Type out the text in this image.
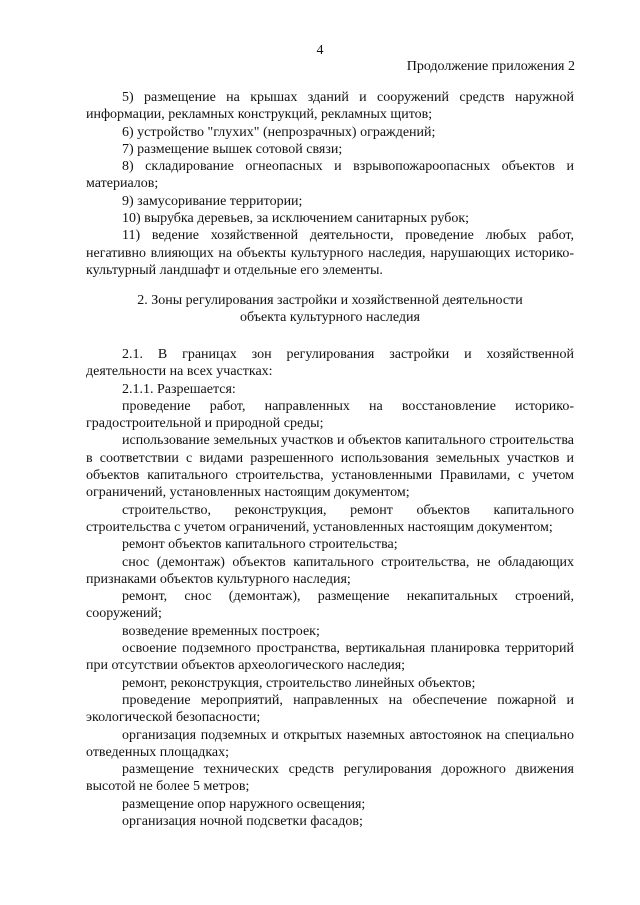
4
Продолжение приложения 2

5) размещение на крышах зданий и сооружений средств наружной информации, рекламных конструкций, рекламных щитов;

6) устройство "глухих" (непрозрачных) ограждений;

7) размещение вышек сотовой связи;

8) складирование огнеопасных и взрывопожароопасных объектов и материалов;

9) замусоривание территории;

10) вырубка деревьев, за исключением санитарных рубок;

11) ведение хозяйственной деятельности, проведение любых работ, негативно влияющих на объекты культурного наследия, нарушающих историко-культурный ландшафт и отдельные его элементы.

2. Зоны регулирования застройки и хозяйственной деятельности
объекта культурного наследия

2.1. В границах зон регулирования застройки и хозяйственной деятельности на всех участках:

2.1.1. Разрешается:

проведение работ, направленных на восстановление историко-градостроительной и природной среды;

использование земельных участков и объектов капитального строительства в соответствии с видами разрешенного использования земельных участков и объектов капитального строительства, установленными Правилами, с учетом ограничений, установленных настоящим документом;

строительство, реконструкция, ремонт объектов капитального строительства с учетом ограничений, установленных настоящим документом;

ремонт объектов капитального строительства;

снос (демонтаж) объектов капитального строительства, не обладающих признаками объектов культурного наследия;

ремонт, снос (демонтаж), размещение некапитальных строений, сооружений;

возведение временных построек;

освоение подземного пространства, вертикальная планировка территорий при отсутствии объектов археологического наследия;

ремонт, реконструкция, строительство линейных объектов;

проведение мероприятий, направленных на обеспечение пожарной и экологической безопасности;

организация подземных и открытых наземных автостоянок на специально отведенных площадках;

размещение технических средств регулирования дорожного движения высотой не более 5 метров;

размещение опор наружного освещения;

организация ночной подсветки фасадов;
